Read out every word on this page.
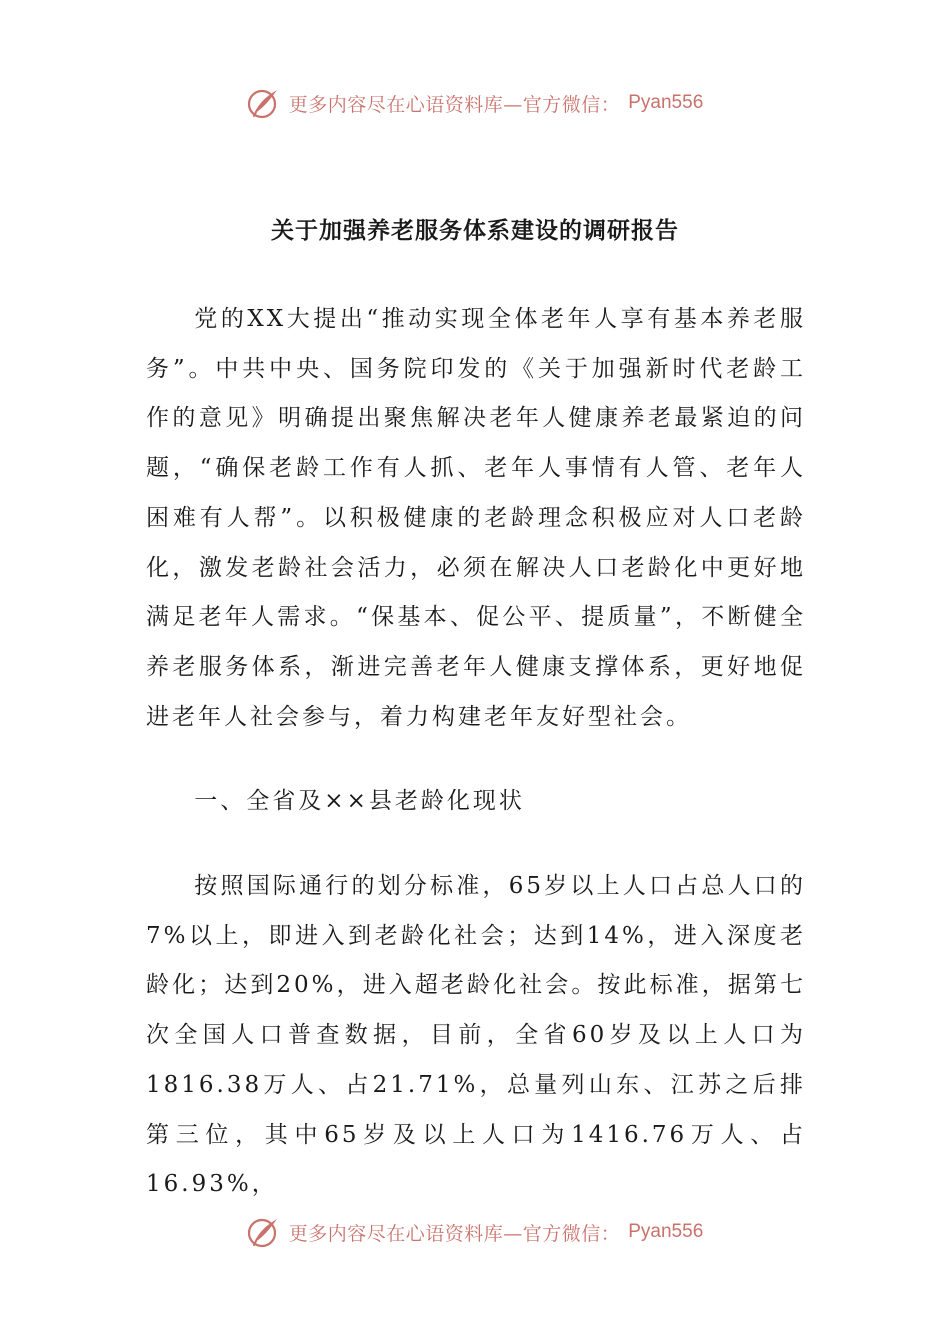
更多内容尽在心语资料库—官方微信： Pyan556
关于加强养老服务体系建设的调研报告

党的XX大提出“推动实现全体老年人享有基本养老服务”。中共中央、国务院印发的《关于加强新时代老龄工作的意见》明确提出聚焦解决老年人健康养老最紧迫的问题，“确保老龄工作有人抓、老年人事情有人管、老年人困难有人帮”。以积极健康的老龄理念积极应对人口老龄化，激发老龄社会活力，必须在解决人口老龄化中更好地满足老年人需求。“保基本、促公平、提质量”，不断健全养老服务体系，渐进完善老年人健康支撑体系，更好地促进老年人社会参与，着力构建老年友好型社会。

一、全省及××县老龄化现状

按照国际通行的划分标准，65岁以上人口占总人口的7%以上，即进入到老龄化社会；达到14%，进入深度老龄化；达到20%，进入超老龄化社会。按此标准，据第七次全国人口普查数据，目前，全省60岁及以上人口为1816.38万人、占21.71%，总量列山东、江苏之后排第三位，其中65岁及以上人口为1416.76万人、占16.93%，

更多内容尽在心语资料库—官方微信： Pyan556
